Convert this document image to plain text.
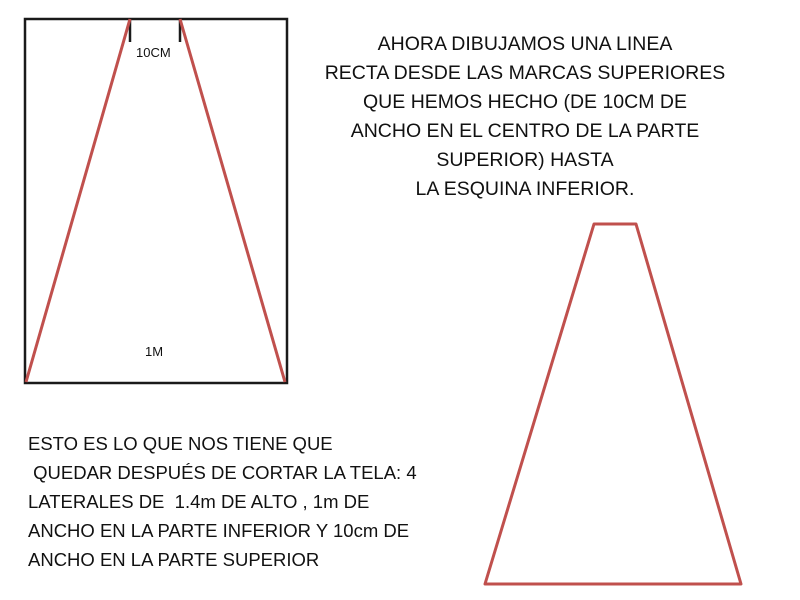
10CM
1M

AHORA DIBUJAMOS UNA LINEA
RECTA DESDE LAS MARCAS SUPERIORES
QUE HEMOS HECHO (DE 10CM DE
ANCHO EN EL CENTRO DE LA PARTE
SUPERIOR) HASTA
LA ESQUINA INFERIOR.

ESTO ES LO QUE NOS TIENE QUE
QUEDAR DESPUÉS DE CORTAR LA TELA: 4
LATERALES DE  1.4m DE ALTO , 1m DE
ANCHO EN LA PARTE INFERIOR Y 10cm DE
ANCHO EN LA PARTE SUPERIOR
